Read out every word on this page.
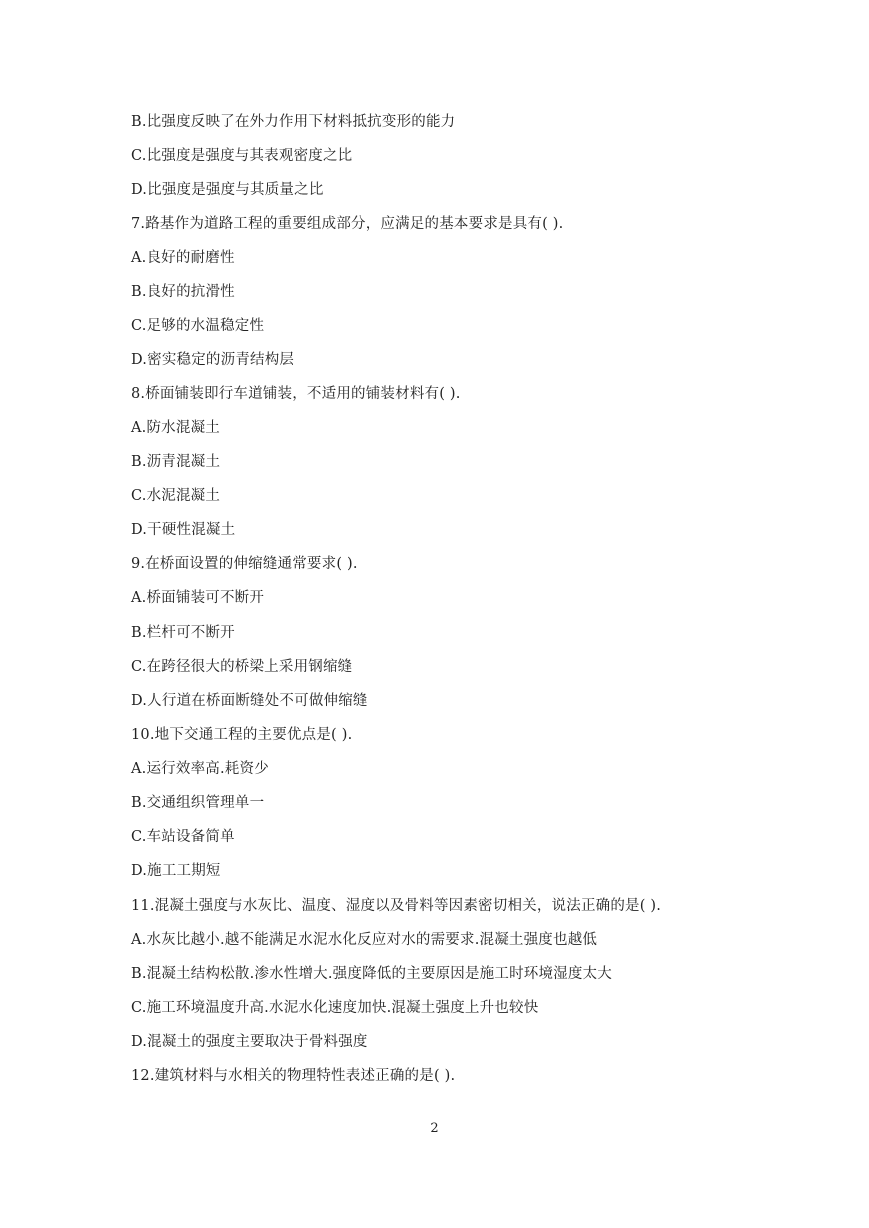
B.比强度反映了在外力作用下材料抵抗变形的能力
C.比强度是强度与其表观密度之比
D.比强度是强度与其质量之比
7.路基作为道路工程的重要组成部分，应满足的基本要求是具有( ).
A.良好的耐磨性
B.良好的抗滑性
C.足够的水温稳定性
D.密实稳定的沥青结构层
8.桥面铺装即行车道铺装，不适用的铺装材料有( ).
A.防水混凝土
B.沥青混凝土
C.水泥混凝土
D.干硬性混凝土
9.在桥面设置的伸缩缝通常要求( ).
A.桥面铺装可不断开
B.栏杆可不断开
C.在跨径很大的桥梁上采用钢缩缝
D.人行道在桥面断缝处不可做伸缩缝
10.地下交通工程的主要优点是( ).
A.运行效率高.耗资少
B.交通组织管理单一
C.车站设备简单
D.施工工期短
11.混凝土强度与水灰比、温度、湿度以及骨料等因素密切相关，说法正确的是( ).
A.水灰比越小.越不能满足水泥水化反应对水的需要求.混凝土强度也越低
B.混凝土结构松散.渗水性增大.强度降低的主要原因是施工时环境湿度太大
C.施工环境温度升高.水泥水化速度加快.混凝土强度上升也较快
D.混凝土的强度主要取决于骨料强度
12.建筑材料与水相关的物理特性表述正确的是( ).
2
